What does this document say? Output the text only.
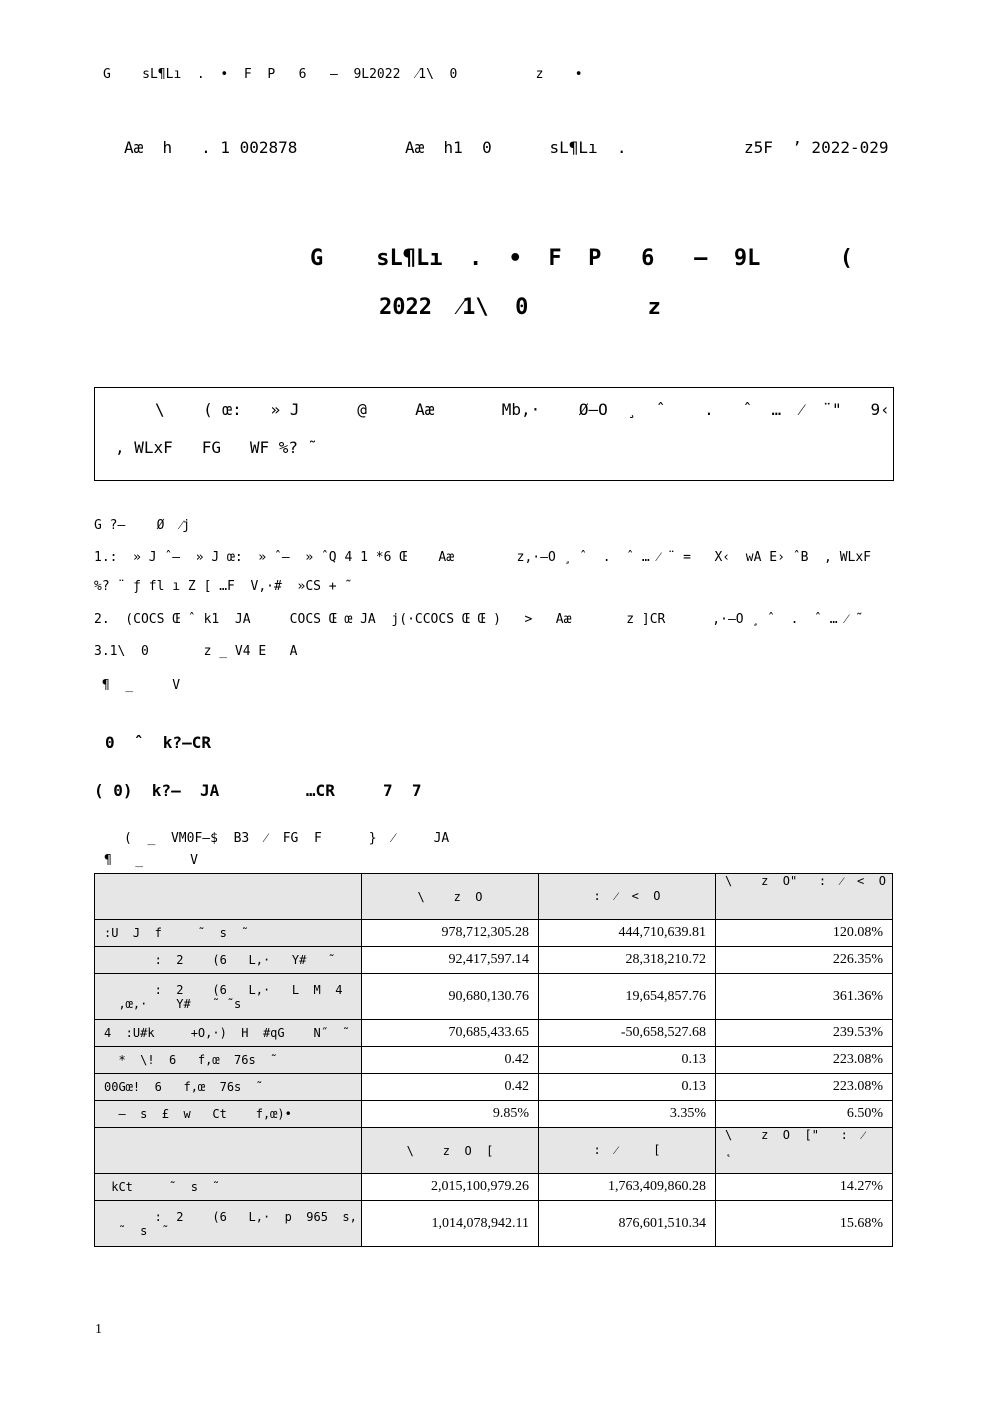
G    sL¶Lı  .  •  F  P   6   –  9L2022  ⁄1\  0          z    •
Aæ  h   . 1 002878	Aæ  h1  0      sL¶Lı  .	z5F  ’ 2022-029
G    sL¶Lı  .  •  F  P   6   –  9L      (
2022  ⁄1\  0         z
\    ( œ:   » J      @     Aæ       Mb,·    Ø–O  ¸  ˆ    .   ˆ  …  ⁄  ¨"   9‹
, WLxF   FG   WF %? ˜
G ?–    Ø  ⁄j
1.:  » J ˆ–  » J œ:  » ˆ–  » ˆQ 4 1 *6 Œ    Aæ        z,·–O ¸ ˆ  .  ˆ … ⁄ ¨ =   X‹  wA E› ˆB  , WLxF
%? ¨ ƒ fl ı Z [ …F  V,·#  »CS + ˜
2.  (COCS Œ ˆ k1  JA     COCS Œ œ JA  j(·CCOCS Œ Œ )   >   Aæ       z ]CR      ,·–O ¸ ˆ  .  ˆ … ⁄ ˜
3.1\  0       z _ V4 E   A
¶  _     V
0  ˆ  k?–CR
( 0)  k?–  JA         …CR     7  7
(  _  VM0F–$  B3  ⁄  FG  F      }  ⁄     JA
¶   _      V
	\    z  O	:  ⁄  <  O	\    z  O"   :  ⁄  <  O
:U  J  f     ˜  s  ˜	978,712,305.28	444,710,639.81	120.08%
:  2    (6   L,·   Y#   ˜	92,417,597.14	28,318,210.72	226.35%
:  2    (6   L,·   L  M  4
,œ,·    Y#   ˜ ˜s	90,680,130.76	19,654,857.76	361.36%
4  :U#k     +O,·)  H  #qG    N˝  ˜	70,685,433.65	-50,658,527.68	239.53%
*  \!  6   f,œ  76s  ˜	0.42	0.13	223.08%
00Gœ!  6   f,œ  76s  ˜	0.42	0.13	223.08%
–  s  £  w   Ct    f,œ)•	9.85%	3.35%	6.50%
	\    z  O  [	:  ⁄     [	\    z  O  ["   :  ⁄
˛
kCt     ˜  s  ˜	2,015,100,979.26	1,763,409,860.28	14.27%
:  2    (6   L,·  p  965  s,
˜  s  ˜	1,014,078,942.11	876,601,510.34	15.68%
1
